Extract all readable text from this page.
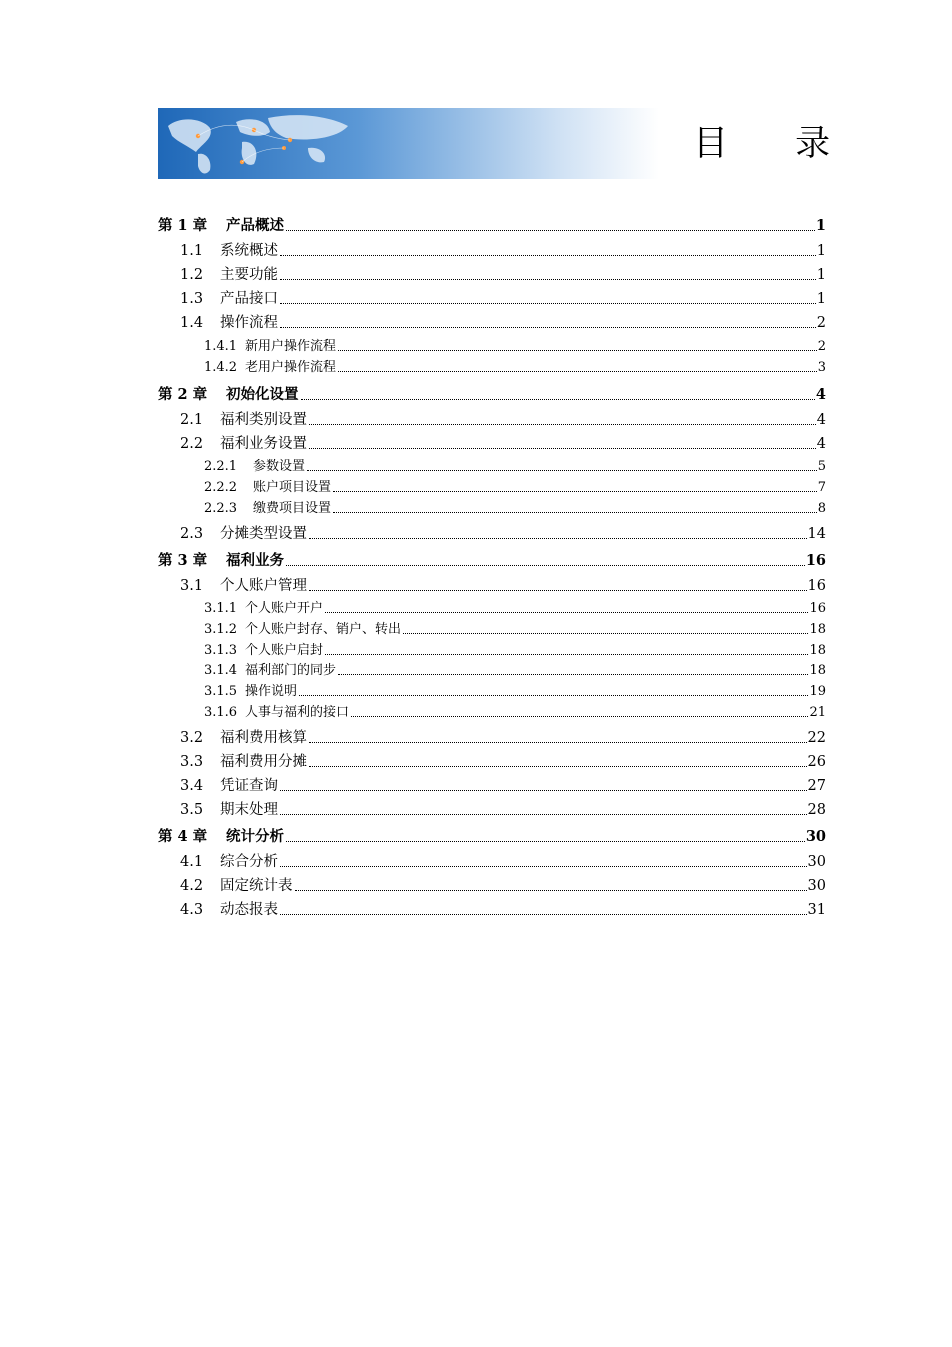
目 录
第 1 章	产品概述	1
1.1	系统概述	1
1.2	主要功能	1
1.3	产品接口	1
1.4	操作流程	2
1.4.1 新用户操作流程	2
1.4.2 老用户操作流程	3
第 2 章	初始化设置	4
2.1	福利类别设置	4
2.2	福利业务设置	4
2.2.1	参数设置	5
2.2.2	账户项目设置	7
2.2.3	缴费项目设置	8
2.3	分摊类型设置	14
第 3 章	福利业务	16
3.1	个人账户管理	16
3.1.1 个人账户开户	16
3.1.2 个人账户封存、销户、转出	18
3.1.3 个人账户启封	18
3.1.4 福利部门的同步	18
3.1.5 操作说明	19
3.1.6 人事与福利的接口	21
3.2	福利费用核算	22
3.3	福利费用分摊	26
3.4	凭证查询	27
3.5	期末处理	28
第 4 章	统计分析	30
4.1	综合分析	30
4.2	固定统计表	30
4.3	动态报表	31
